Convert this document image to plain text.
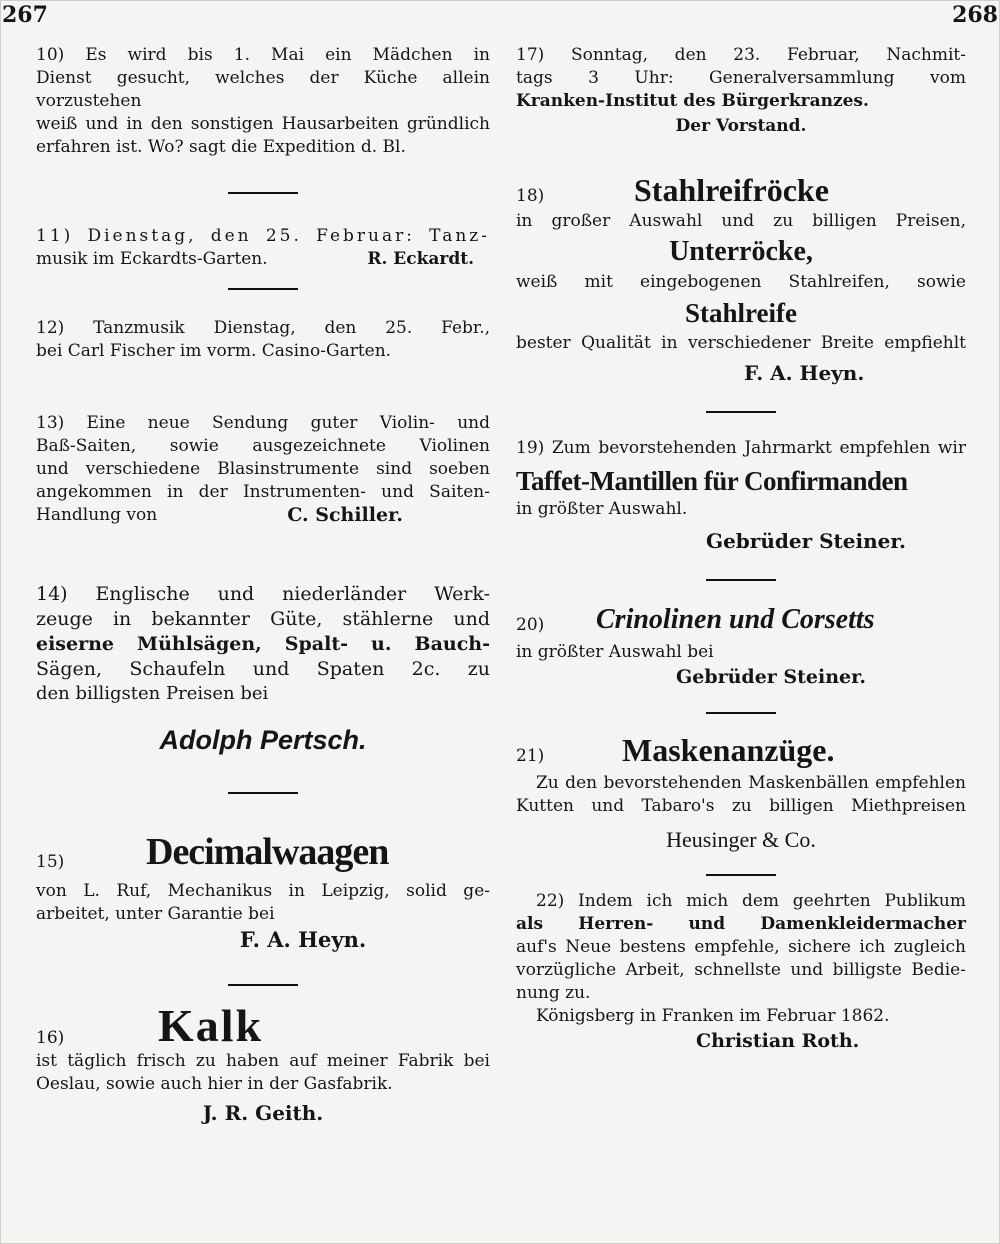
267	268
10) Es wird bis 1. Mai ein Mädchen in
Dienst gesucht, welches der Küche allein vorzustehen
weiß und in den sonstigen Hausarbeiten gründlich
erfahren ist. Wo? sagt die Expedition d. Bl.
11) Dienstag, den 25. Februar: Tanz-
musik im Eckardts-Garten.	R. Eckardt.
12) Tanzmusik Dienstag, den 25. Febr.,
bei Carl Fischer im vorm. Casino-Garten.
13) Eine neue Sendung guter Violin- und
Baß-Saiten, sowie ausgezeichnete Violinen
und verschiedene Blasinstrumente sind soeben
angekommen in der Instrumenten- und Saiten-
Handlung von	C. Schiller.
14) Englische und niederländer Werk-
zeuge in bekannter Güte, stählerne und
eiserne Mühlsägen, Spalt- u. Bauch-
Sägen, Schaufeln und Spaten 2c. zu
den billigsten Preisen bei
Adolph Pertsch.
15)	Decimalwaagen
von L. Ruf, Mechanikus in Leipzig, solid ge-
arbeitet, unter Garantie bei
F. A. Heyn.
16)	Kalk
ist täglich frisch zu haben auf meiner Fabrik bei
Oeslau, sowie auch hier in der Gasfabrik.
J. R. Geith.
17) Sonntag, den 23. Februar, Nachmit-
tags 3 Uhr: Generalversammlung vom
Kranken-Institut des Bürgerkranzes.
Der Vorstand.
18)	Stahlreifröcke
in großer Auswahl und zu billigen Preisen,
Unterröcke,
weiß mit eingebogenen Stahlreifen, sowie
Stahlreife
bester Qualität in verschiedener Breite empfiehlt
F. A. Heyn.
19) Zum bevorstehenden Jahrmarkt empfehlen wir
Taffet-Mantillen für Confirmanden
in größter Auswahl.
Gebrüder Steiner.
20)	Crinolinen und Corsetts
in größter Auswahl bei
Gebrüder Steiner.
21)	Maskenanzüge.
Zu den bevorstehenden Maskenbällen empfehlen
Kutten und Tabaro's zu billigen Miethpreisen
Heusinger & Co.
22) Indem ich mich dem geehrten Publikum
als Herren- und Damenkleidermacher
auf's Neue bestens empfehle, sichere ich zugleich
vorzügliche Arbeit, schnellste und billigste Bedie-
nung zu.
Königsberg in Franken im Februar 1862.
Christian Roth.
